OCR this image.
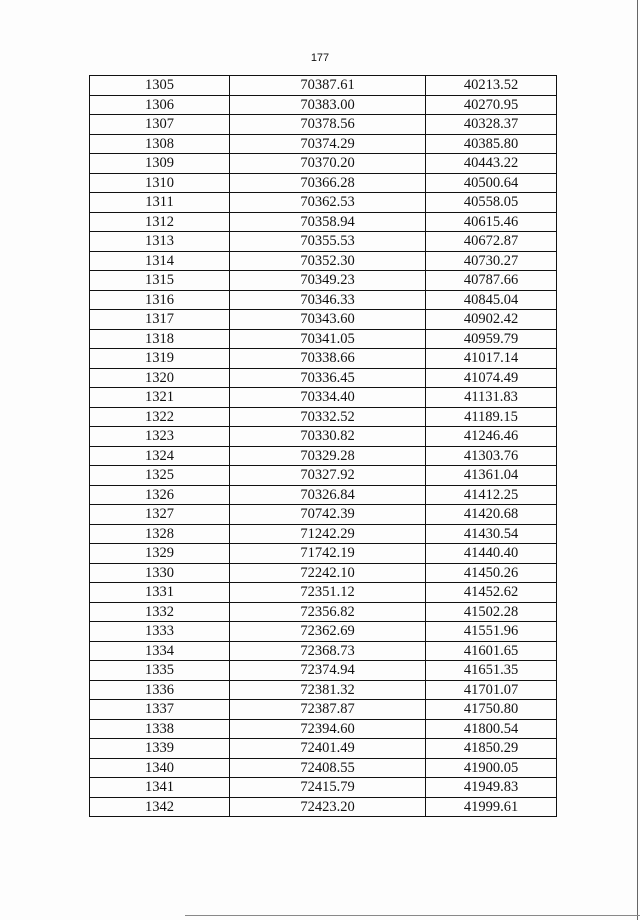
177
1305	70387.61	40213.52
1306	70383.00	40270.95
1307	70378.56	40328.37
1308	70374.29	40385.80
1309	70370.20	40443.22
1310	70366.28	40500.64
1311	70362.53	40558.05
1312	70358.94	40615.46
1313	70355.53	40672.87
1314	70352.30	40730.27
1315	70349.23	40787.66
1316	70346.33	40845.04
1317	70343.60	40902.42
1318	70341.05	40959.79
1319	70338.66	41017.14
1320	70336.45	41074.49
1321	70334.40	41131.83
1322	70332.52	41189.15
1323	70330.82	41246.46
1324	70329.28	41303.76
1325	70327.92	41361.04
1326	70326.84	41412.25
1327	70742.39	41420.68
1328	71242.29	41430.54
1329	71742.19	41440.40
1330	72242.10	41450.26
1331	72351.12	41452.62
1332	72356.82	41502.28
1333	72362.69	41551.96
1334	72368.73	41601.65
1335	72374.94	41651.35
1336	72381.32	41701.07
1337	72387.87	41750.80
1338	72394.60	41800.54
1339	72401.49	41850.29
1340	72408.55	41900.05
1341	72415.79	41949.83
1342	72423.20	41999.61
